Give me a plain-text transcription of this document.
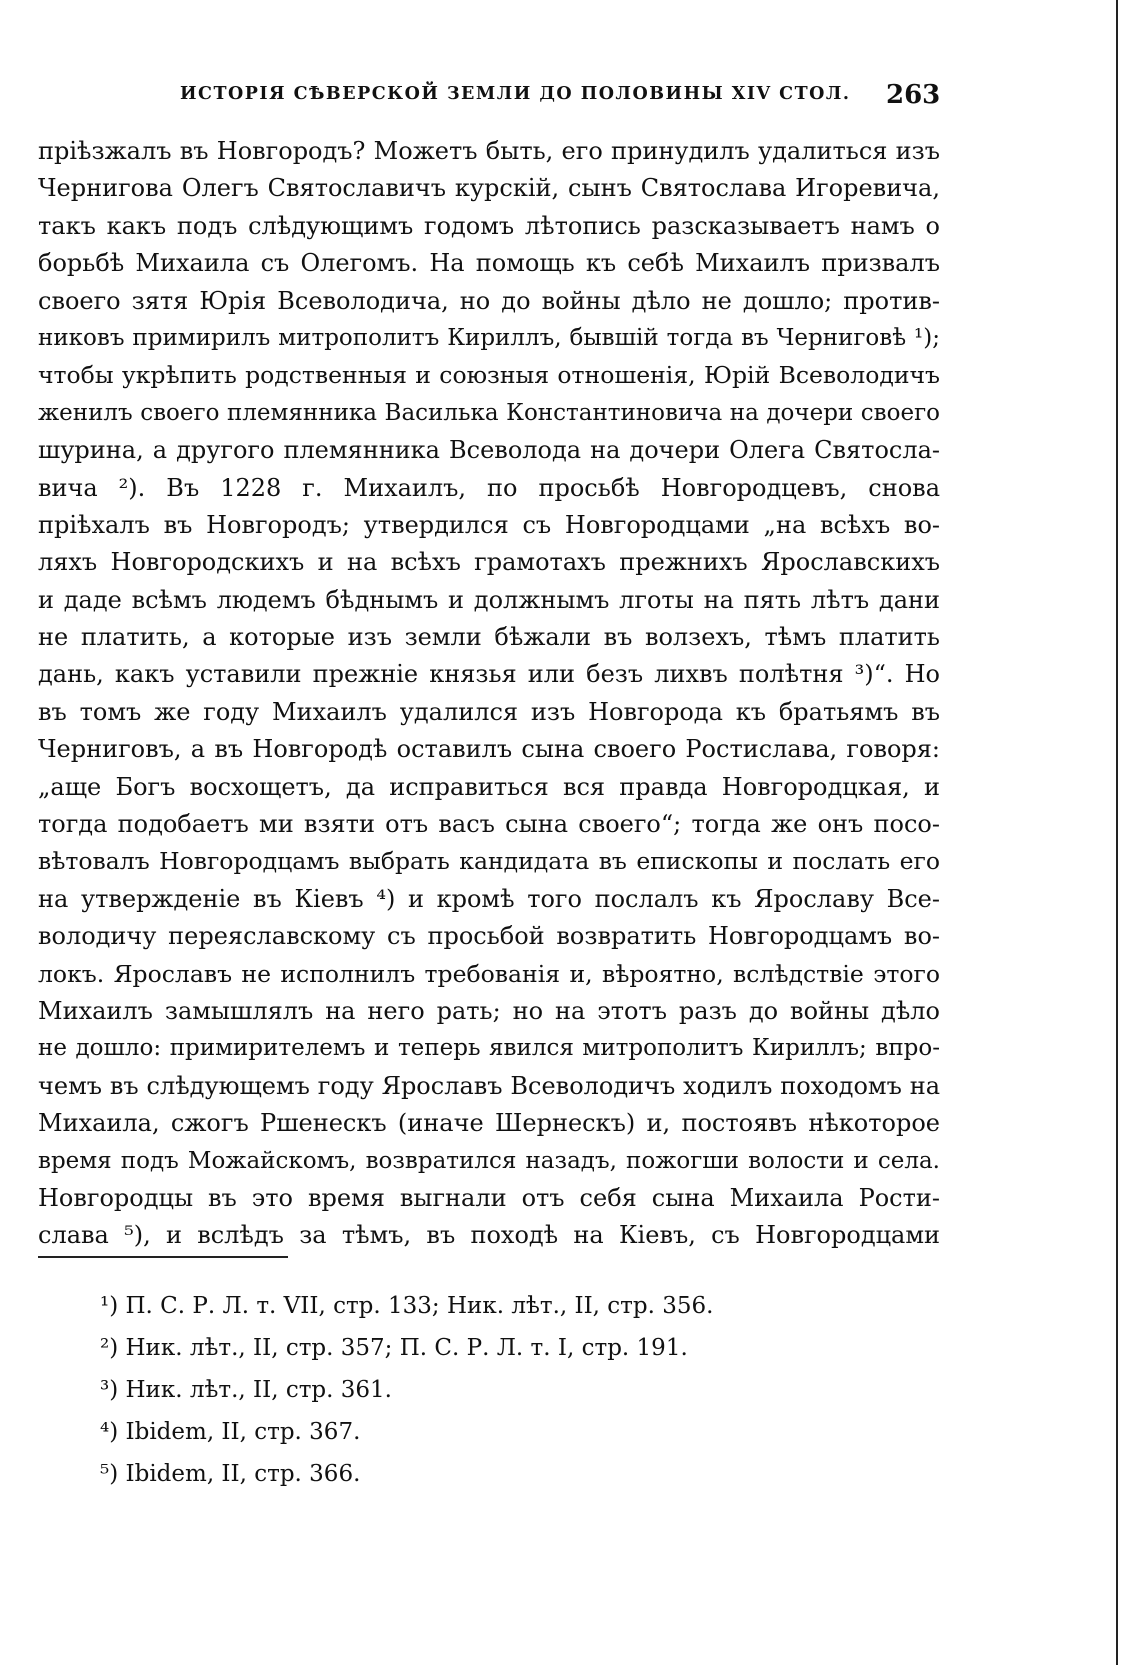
ИСТОРІЯ СѢВЕРСКОЙ ЗЕМЛИ ДО ПОЛОВИНЫ XIV СТОЛ. 263
пріѣзжалъ въ Новгородъ? Можетъ быть, его принудилъ удалиться изъ
Чернигова Олегъ Святославичъ курскій, сынъ Святослава Игоревича,
такъ какъ подъ слѣдующимъ годомъ лѣтопись разсказываетъ намъ о
борьбѣ Михаила съ Олегомъ. На помощь къ себѣ Михаилъ призвалъ
своего зятя Юрія Всеволодича, но до войны дѣло не дошло; против-
никовъ примирилъ митрополитъ Кириллъ, бывшій тогда въ Черниговѣ ¹);
чтобы укрѣпить родственныя и союзныя отношенія, Юрій Всеволодичъ
женилъ своего племянника Василька Константиновича на дочери своего
шурина, а другого племянника Всеволода на дочери Олега Святосла-
вича ²). Въ 1228 г. Михаилъ, по просьбѣ Новгородцевъ, снова
пріѣхалъ въ Новгородъ; утвердился съ Новгородцами „на всѣхъ во-
ляхъ Новгородскихъ и на всѣхъ грамотахъ прежнихъ Ярославскихъ
и даде всѣмъ людемъ бѣднымъ и должнымъ лготы на пять лѣтъ дани
не платить, а которые изъ земли бѣжали въ волзехъ, тѣмъ платить
дань, какъ уставили прежніе князья или безъ лихвъ полѣтня ³)“. Но
въ томъ же году Михаилъ удалился изъ Новгорода къ братьямъ въ
Черниговъ, а въ Новгородѣ оставилъ сына своего Ростислава, говоря:
„аще Богъ восхощетъ, да исправиться вся правда Новгородцкая, и
тогда подобаетъ ми взяти отъ васъ сына своего“; тогда же онъ посо-
вѣтовалъ Новгородцамъ выбрать кандидата въ епископы и послать его
на утвержденіе въ Кіевъ ⁴) и кромѣ того послалъ къ Ярославу Все-
володичу переяславскому съ просьбой возвратить Новгородцамъ во-
локъ. Ярославъ не исполнилъ требованія и, вѣроятно, вслѣдствіе этого
Михаилъ замышлялъ на него рать; но на этотъ разъ до войны дѣло
не дошло: примирителемъ и теперь явился митрополитъ Кириллъ; впро-
чемъ въ слѣдующемъ году Ярославъ Всеволодичъ ходилъ походомъ на
Михаила, сжогъ Ршенескъ (иначе Шернескъ) и, постоявъ нѣкоторое
время подъ Можайскомъ, возвратился назадъ, пожогши волости и села.
Новгородцы въ это время выгнали отъ себя сына Михаила Рости-
слава ⁵), и вслѣдъ за тѣмъ, въ походѣ на Кіевъ, съ Новгородцами
¹) П. С. Р. Л. т. VII, стр. 133; Ник. лѣт., II, стр. 356.
²) Ник. лѣт., II, стр. 357; П. С. Р. Л. т. I, стр. 191.
³) Ник. лѣт., II, стр. 361.
⁴) Ibidem, II, стр. 367.
⁵) Ibidem, II, стр. 366.
